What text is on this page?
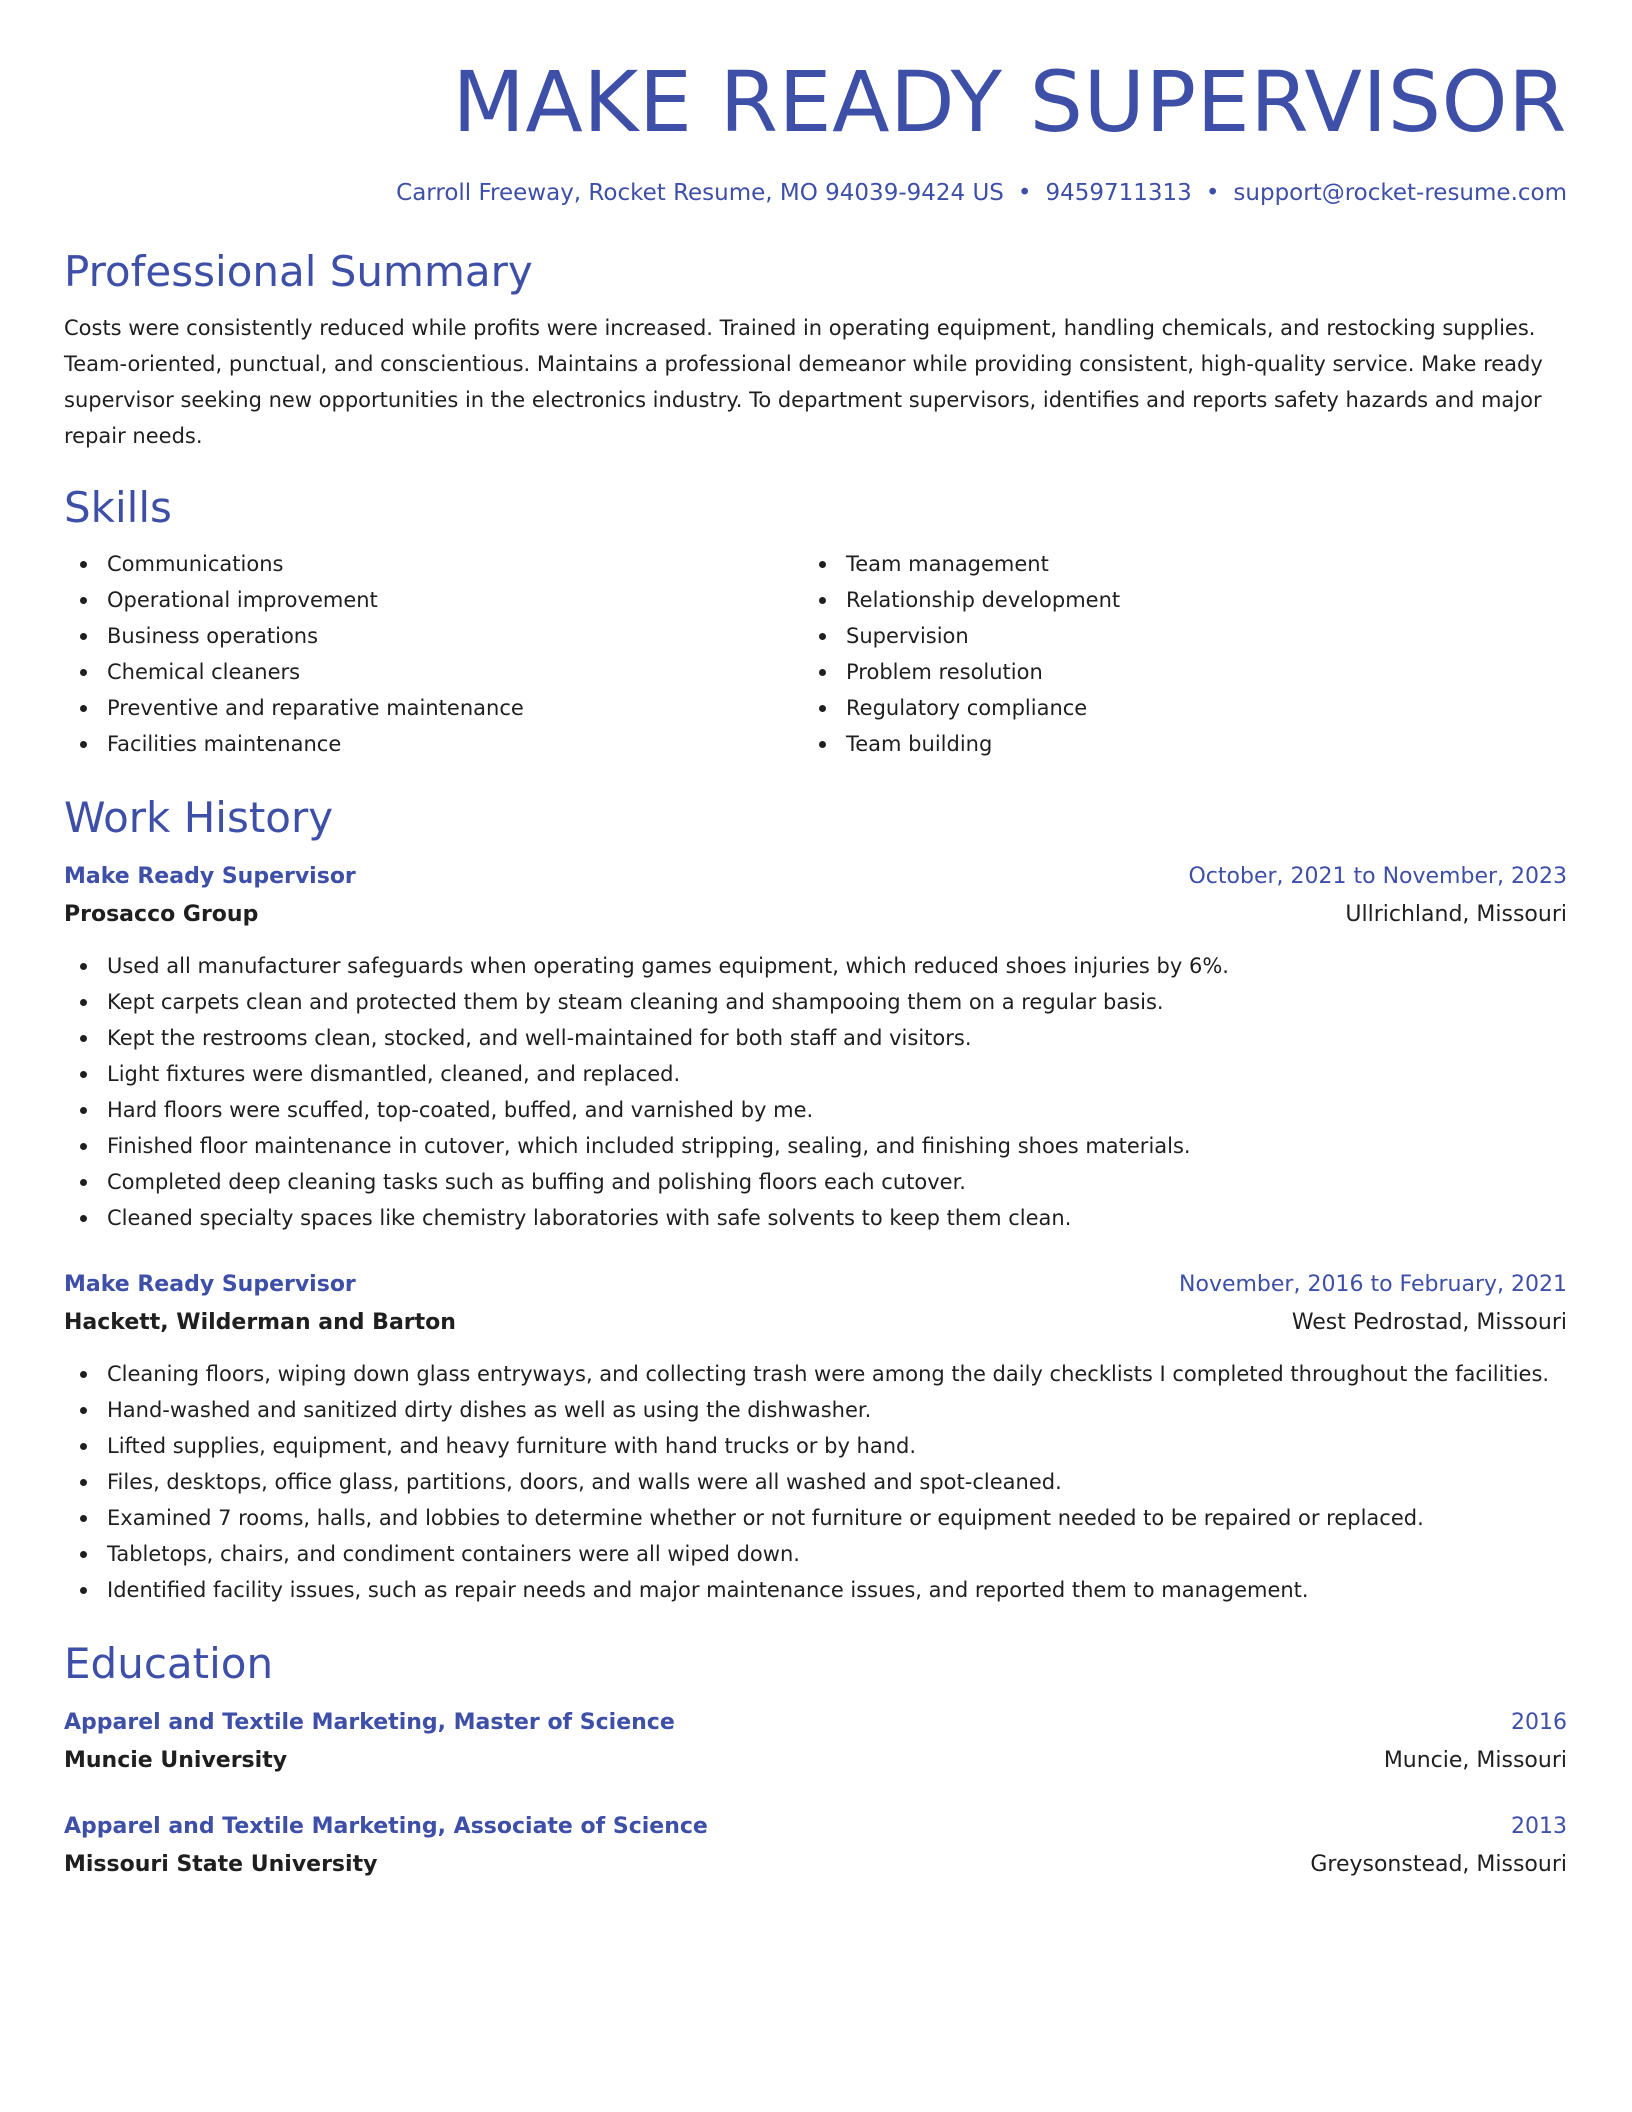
MAKE READY SUPERVISOR
Carroll Freeway, Rocket Resume, MO 94039-9424 US • 9459711313 • support@rocket-resume.com
Professional Summary

Costs were consistently reduced while profits were increased. Trained in operating equipment, handling chemicals, and restocking supplies. Team-oriented, punctual, and conscientious. Maintains a professional demeanor while providing consistent, high-quality service. Make ready supervisor seeking new opportunities in the electronics industry. To department supervisors, identifies and reports safety hazards and major repair needs.

Skills
Communications
Operational improvement
Business operations
Chemical cleaners
Preventive and reparative maintenance
Facilities maintenance
Team management
Relationship development
Supervision
Problem resolution
Regulatory compliance
Team building
Work History
Make Ready Supervisor	October, 2021 to November, 2023
Prosacco Group	Ullrichland, Missouri
Used all manufacturer safeguards when operating games equipment, which reduced shoes injuries by 6%.
Kept carpets clean and protected them by steam cleaning and shampooing them on a regular basis.
Kept the restrooms clean, stocked, and well-maintained for both staff and visitors.
Light fixtures were dismantled, cleaned, and replaced.
Hard floors were scuffed, top-coated, buffed, and varnished by me.
Finished floor maintenance in cutover, which included stripping, sealing, and finishing shoes materials.
Completed deep cleaning tasks such as buffing and polishing floors each cutover.
Cleaned specialty spaces like chemistry laboratories with safe solvents to keep them clean.
Make Ready Supervisor	November, 2016 to February, 2021
Hackett, Wilderman and Barton	West Pedrostad, Missouri
Cleaning floors, wiping down glass entryways, and collecting trash were among the daily checklists I completed throughout the facilities.
Hand-washed and sanitized dirty dishes as well as using the dishwasher.
Lifted supplies, equipment, and heavy furniture with hand trucks or by hand.
Files, desktops, office glass, partitions, doors, and walls were all washed and spot-cleaned.
Examined 7 rooms, halls, and lobbies to determine whether or not furniture or equipment needed to be repaired or replaced.
Tabletops, chairs, and condiment containers were all wiped down.
Identified facility issues, such as repair needs and major maintenance issues, and reported them to management.
Education
Apparel and Textile Marketing, Master of Science	2016
Muncie University	Muncie, Missouri
Apparel and Textile Marketing, Associate of Science	2013
Missouri State University	Greysonstead, Missouri
